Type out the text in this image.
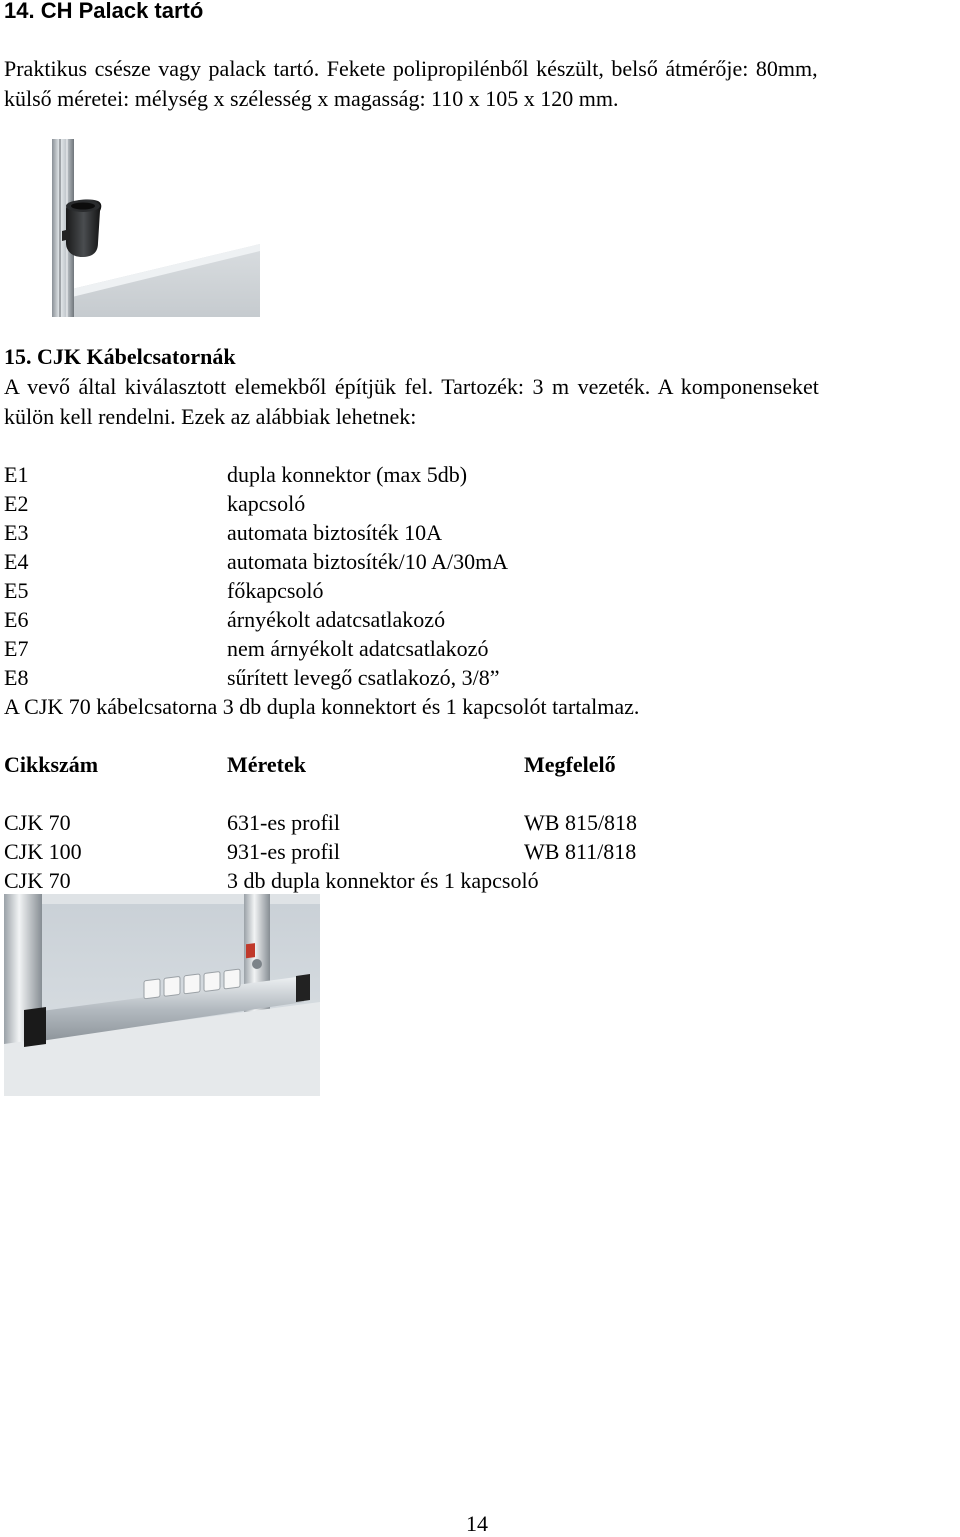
14. CH Palack tartó
Praktikus csésze vagy palack tartó. Fekete polipropilénből készült, belső átmérője: 80mm,
külső méretei: mélység x szélesség x magasság: 110 x 105 x 120 mm.
15. CJK Kábelcsatornák
A vevő által kiválasztott elemekből építjük fel. Tartozék: 3 m vezeték. A komponenseket
külön kell rendelni. Ezek az alábbiak lehetnek:
E1	dupla konnektor (max 5db)
E2	kapcsoló
E3	automata biztosíték 10A
E4	automata biztosíték/10 A/30mA
E5	főkapcsoló
E6	árnyékolt adatcsatlakozó
E7	nem árnyékolt adatcsatlakozó
E8	sűrített levegő csatlakozó, 3/8”
A CJK 70 kábelcsatorna 3 db dupla konnektort és 1 kapcsolót tartalmaz.
Cikkszám	Méretek	Megfelelő
CJK 70	631-es profil	WB 815/818
CJK 100	931-es profil	WB 811/818
CJK 70	3 db dupla konnektor és 1 kapcsoló
14
